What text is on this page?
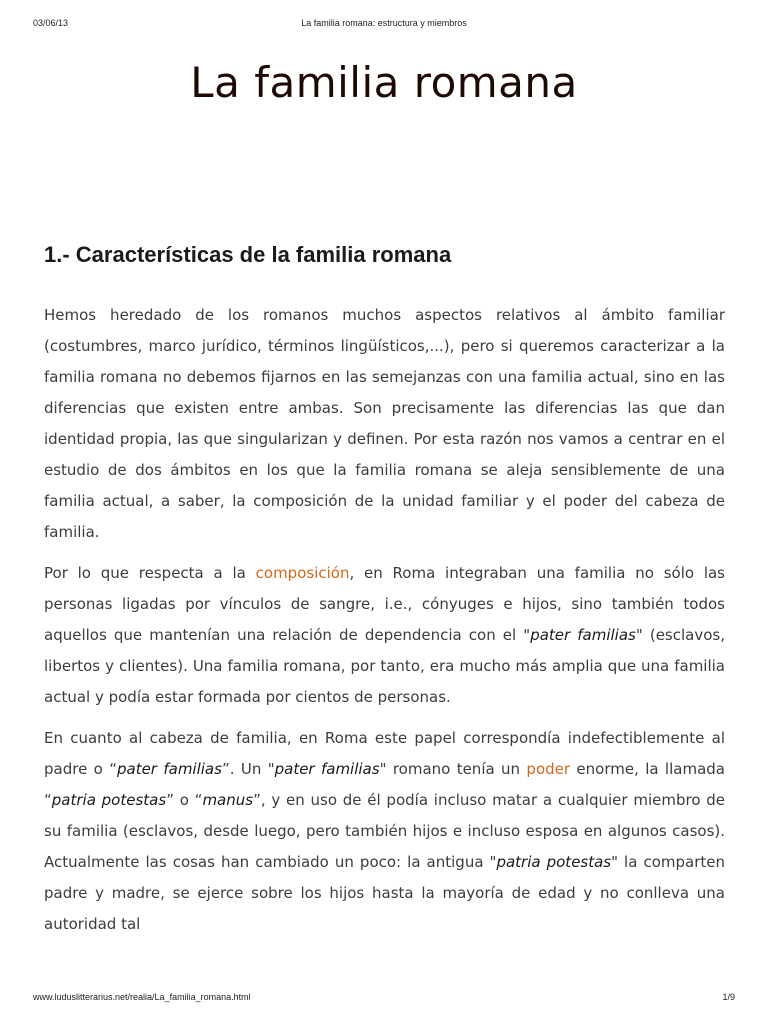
03/06/13	La familia romana: estructura y miembros
La familia romana
1.- Características de la familia romana

Hemos heredado de los romanos muchos aspectos relativos al ámbito familiar (costumbres, marco jurídico, términos lingüísticos,...), pero si queremos caracterizar a la familia romana no debemos fijarnos en las semejanzas con una familia actual, sino en las diferencias que existen entre ambas. Son precisamente las diferencias las que dan identidad propia, las que singularizan y definen. Por esta razón nos vamos a centrar en el estudio de dos ámbitos en los que la familia romana se aleja sensiblemente de una familia actual, a saber, la composición de la unidad familiar y el poder del cabeza de familia.

Por lo que respecta a la composición, en Roma integraban una familia no sólo las personas ligadas por vínculos de sangre, i.e., cónyuges e hijos, sino también todos aquellos que mantenían una relación de dependencia con el "pater familias" (esclavos, libertos y clientes). Una familia romana, por tanto, era mucho más amplia que una familia actual y podía estar formada por cientos de personas.

En cuanto al cabeza de familia, en Roma este papel correspondía indefectiblemente al padre o “pater familias”. Un "pater familias" romano tenía un poder enorme, la llamada “patria potestas” o “manus”, y en uso de él podía incluso matar a cualquier miembro de su familia (esclavos, desde luego, pero también hijos e incluso esposa en algunos casos). Actualmente las cosas han cambiado un poco: la antigua "patria potestas" la comparten padre y madre, se ejerce sobre los hijos hasta la mayoría de edad y no conlleva una autoridad tal

www.luduslitterarius.net/realia/La_familia_romana.html	1/9
